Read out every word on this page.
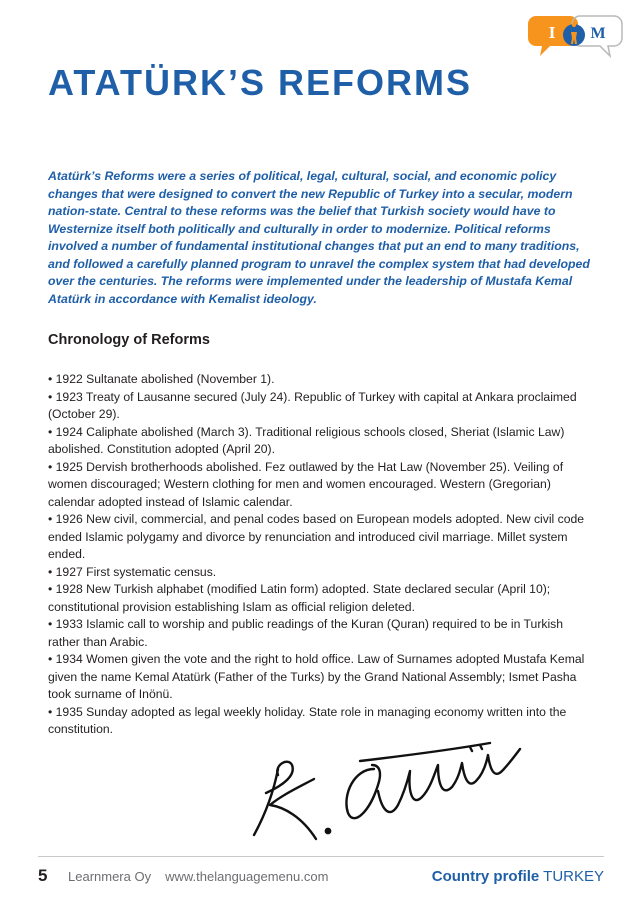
I M
ATATÜRK’S REFORMS

Atatürk’s Reforms were a series of political, legal, cultural, social, and economic policy changes that were designed to convert the new Republic of Turkey into a secular, modern nation-state. Central to these reforms was the belief that Turkish society would have to Westernize itself both politically and culturally in order to modernize. Political reforms involved a number of fundamental institutional changes that put an end to many traditions, and followed a carefully planned program to unravel the complex system that had developed over the centuries. The reforms were implemented under the leadership of Mustafa Kemal Atatürk in accordance with Kemalist ideology.

Chronology of Reforms
• 1922 Sultanate abolished (November 1).
• 1923 Treaty of Lausanne secured (July 24). Republic of Turkey with capital at Ankara proclaimed (October 29).
• 1924 Caliphate abolished (March 3). Traditional religious schools closed, Sheriat (Islamic Law) abolished. Constitution adopted (April 20).
• 1925 Dervish brotherhoods abolished. Fez outlawed by the Hat Law (November 25). Veiling of women discouraged; Western clothing for men and women encouraged. Western (Gregorian) calendar adopted instead of Islamic calendar.
• 1926 New civil, commercial, and penal codes based on European models adopted. New civil code ended Islamic polygamy and divorce by renunciation and introduced civil marriage. Millet system ended.
• 1927 First systematic census.
• 1928 New Turkish alphabet (modified Latin form) adopted. State declared secular (April 10); constitutional provision establishing Islam as official religion deleted.
• 1933 Islamic call to worship and public readings of the Kuran (Quran) required to be in Turkish rather than Arabic.
• 1934 Women given the vote and the right to hold office. Law of Surnames adopted Mustafa Kemal given the name Kemal Atatürk (Father of the Turks) by the Grand National Assembly; Ismet Pasha took surname of Inönü.
• 1935 Sunday adopted as legal weekly holiday. State role in managing economy written into the constitution.
5	Learnmera Oy www.thelanguagemenu.com	Country profile TURKEY
